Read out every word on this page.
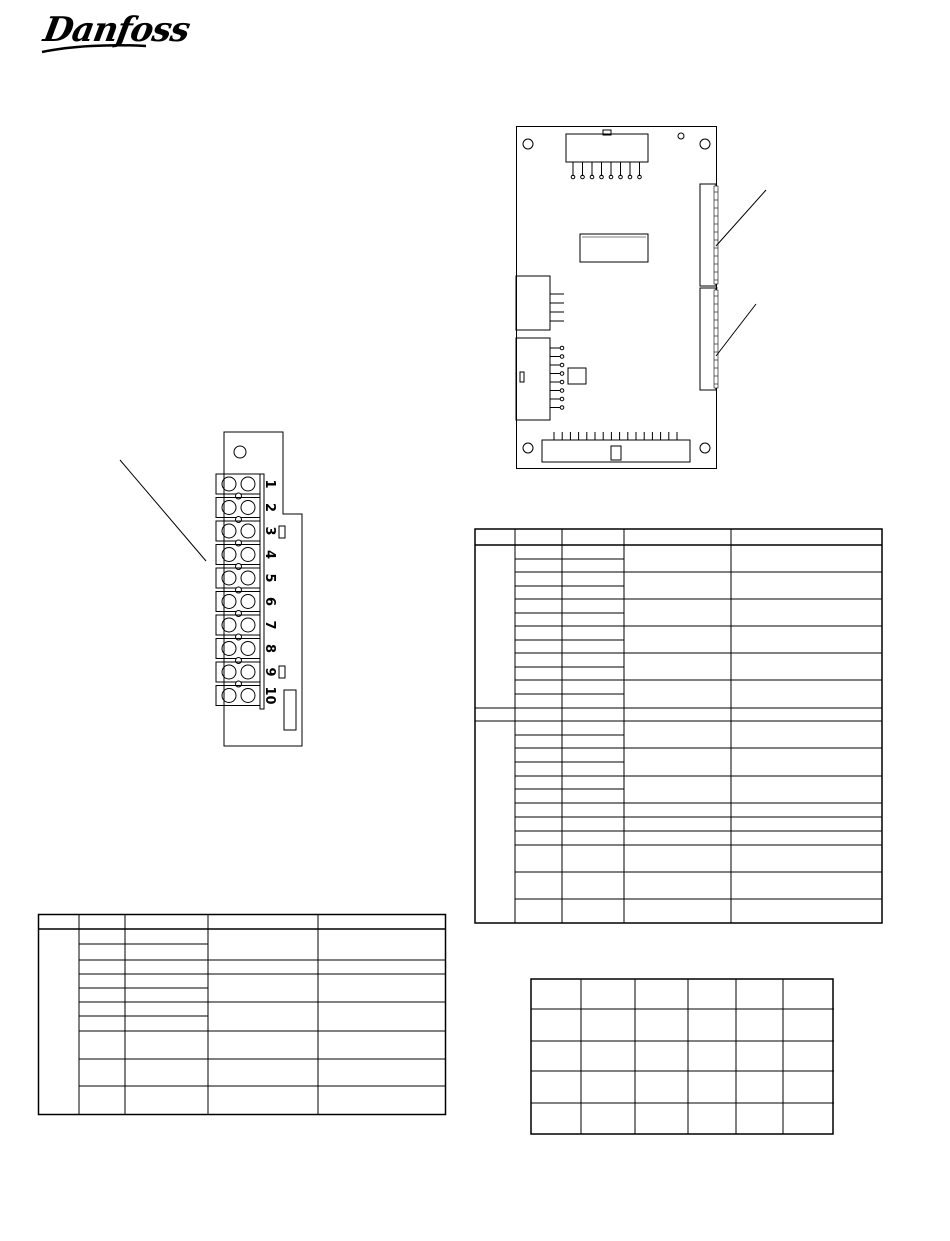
Danfoss
1
2
3
4
5
6
7
8
9
10
